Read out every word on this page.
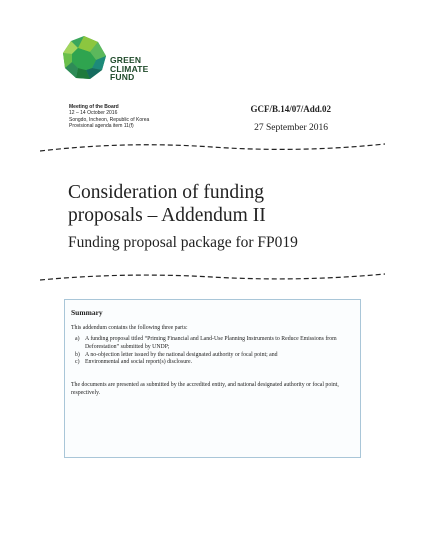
GREEN
CLIMATE
FUND
Meeting of the Board
12 – 14 October 2016
Songdo, Incheon, Republic of Korea
Provisional agenda item 11(f)
GCF/B.14/07/Add.02
27 September 2016
Consideration of funding
proposals – Addendum II
Funding proposal package for FP019
Summary
This addendum contains the following three parts:
a) A funding proposal titled “Priming Financial and Land-Use Planning Instruments to Reduce Emissions from Deforestation” submitted by UNDP;
b) A no-objection letter issued by the national designated authority or focal point; and
c) Environmental and social report(s) disclosure.
The documents are presented as submitted by the accredited entity, and national designated authority or focal point, respectively.
